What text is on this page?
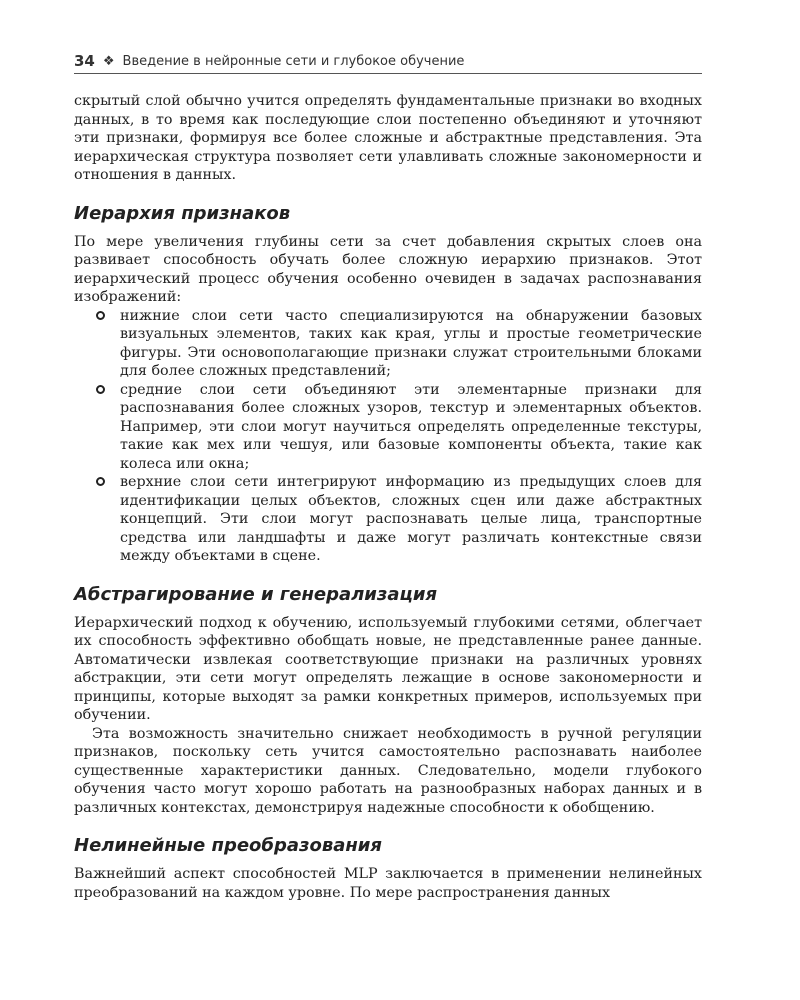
34 ❖ Введение в нейронные сети и глубокое обучение

скрытый слой обычно учится определять фундаментальные признаки во входных данных, в то время как последующие слои постепенно объединяют и уточняют эти признаки, формируя все более сложные и абстрактные представления. Эта иерархическая структура позволяет сети улавливать сложные закономерности и отношения в данных.

Иерархия признаков

По мере увеличения глубины сети за счет добавления скрытых слоев она развивает способность обучать более сложную иерархию признаков. Этот иерархический процесс обучения особенно очевиден в задачах распознавания изображений:

нижние слои сети часто специализируются на обнаружении базовых визуальных элементов, таких как края, углы и простые геометрические фигуры. Эти основополагающие признаки служат строительными блоками для более сложных представлений;
средние слои сети объединяют эти элементарные признаки для распознавания более сложных узоров, текстур и элементарных объектов. Например, эти слои могут научиться определять определенные текстуры, такие как мех или чешуя, или базовые компоненты объекта, такие как колеса или окна;
верхние слои сети интегрируют информацию из предыдущих слоев для идентификации целых объектов, сложных сцен или даже абстрактных концепций. Эти слои могут распознавать целые лица, транспортные средства или ландшафты и даже могут различать контекстные связи между объектами в сцене.
Абстрагирование и генерализация

Иерархический подход к обучению, используемый глубокими сетями, облегчает их способность эффективно обобщать новые, не представленные ранее данные. Автоматически извлекая соответствующие признаки на различных уровнях абстракции, эти сети могут определять лежащие в основе закономерности и принципы, которые выходят за рамки конкретных примеров, используемых при обучении.

Эта возможность значительно снижает необходимость в ручной регуляции признаков, поскольку сеть учится самостоятельно распознавать наиболее существенные характеристики данных. Следовательно, модели глубокого обучения часто могут хорошо работать на разнообразных наборах данных и в различных контекстах, демонстрируя надежные способности к обобщению.

Нелинейные преобразования

Важнейший аспект способностей MLP заключается в применении нелинейных преобразований на каждом уровне. По мере распространения данных
